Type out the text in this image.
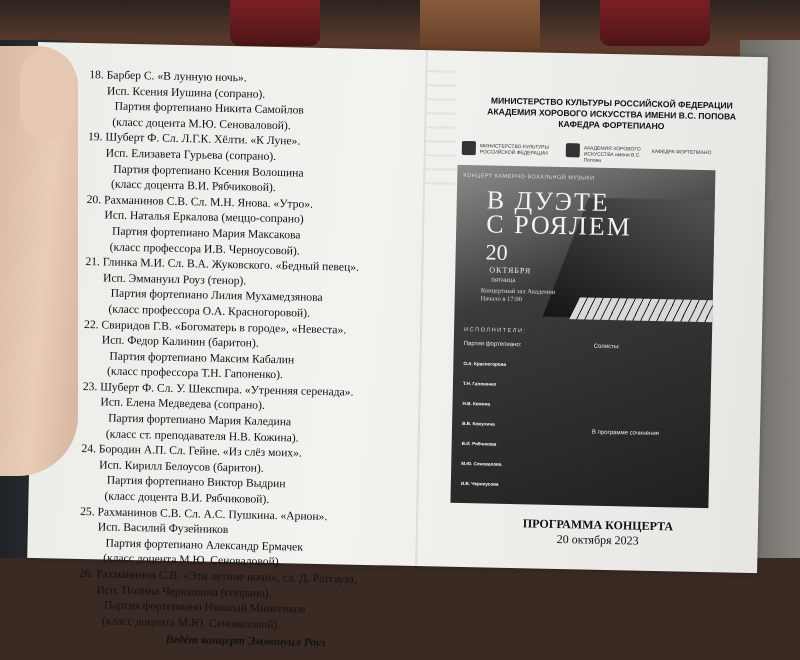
18. Барбер С. «В лунную ночь».
Исп. Ксения Иушина (сопрано).
Партия фортепиано Никита Самойлов
(класс доцента М.Ю. Сеноваловой).
19. Шуберт Ф. Сл. Л.Г.К. Хёлти. «К Луне».
Исп. Елизавета Гурьева (сопрано).
Партия фортепиано Ксения Волошина
(класс доцента В.И. Рябчиковой).
20. Рахманинов С.В. Сл. М.Н. Янова. «Утро».
Исп. Наталья Еркалова (меццо-сопрано)
Партия фортепиано Мария Максакова
(класс профессора И.В. Черноусовой).
21. Глинка М.И. Сл. В.А. Жуковского. «Бедный певец».
Исп. Эммануил Роуз (тенор).
Партия фортепиано Лилия Мухамедзянова
(класс профессора О.А. Красногоровой).
22. Свиридов Г.В. «Богоматерь в городе», «Невеста».
Исп. Федор Калинин (баритон).
Партия фортепиано Максим Кабалин
(класс профессора Т.Н. Гапоненко).
23. Шуберт Ф. Сл. У. Шекспира. «Утренняя серенада».
Исп. Елена Медведева (сопрано).
Партия фортепиано Мария Каледина
(класс ст. преподавателя Н.В. Кожина).
24. Бородин А.П. Сл. Гейне. «Из слёз моих».
Исп. Кирилл Белоусов (баритон).
Партия фортепиано Виктор Выдрин
(класс доцента В.И. Рябчиковой).
25. Рахманинов С.В. Сл. А.С. Пушкина. «Арион».
Исп. Василий Фузейников
Партия фортепиано Александр Ермачек
(класс доцента М.Ю. Сеноваловой).
26. Рахманинов С.В. «Эти летние ночи», сл. Д. Ратгауза,
Исп. Полина Черкашина (сопрано).
Партия фортепиано Николай Минеенков
(класс доцента М.Ю. Сеноваловой).
Ведёт концерт Эммануил Роуз
МИНИСТЕРСТВО КУЛЬТУРЫ РОССИЙСКОЙ ФЕДЕРАЦИИ
АКАДЕМИЯ ХОРОВОГО ИСКУССТВА ИМЕНИ В.С. ПОПОВА
КАФЕДРА ФОРТЕПИАНО
МИНИСТЕРСТВО КУЛЬТУРЫ РОССИЙСКОЙ ФЕДЕРАЦИИ
АКАДЕМИЯ ХОРОВОГО ИСКУССТВА имени В.С. Попова
КАФЕДРА ФОРТЕПИАНО
КОНЦЕРТ КАМЕРНО-ВОКАЛЬНОЙ МУЗЫКИ
В ДУЭТЕ
С РОЯЛЕМ
20
ОКТЯБРЯ
пятница
Концертный зал Академии
Начало в 17:00
ИСПОЛНИТЕЛИ:
Партия фортепиано:
О.А. Красногорова
Т.Н. Гапоненко
Н.В. Кожина
В.В. Кожухина
В.И. Рябчикова
М.Ю. Сеновалова
И.В. Черноусова
Солисты:
В программе сочинения
ПРОГРАММА КОНЦЕРТА
20 октября 2023
